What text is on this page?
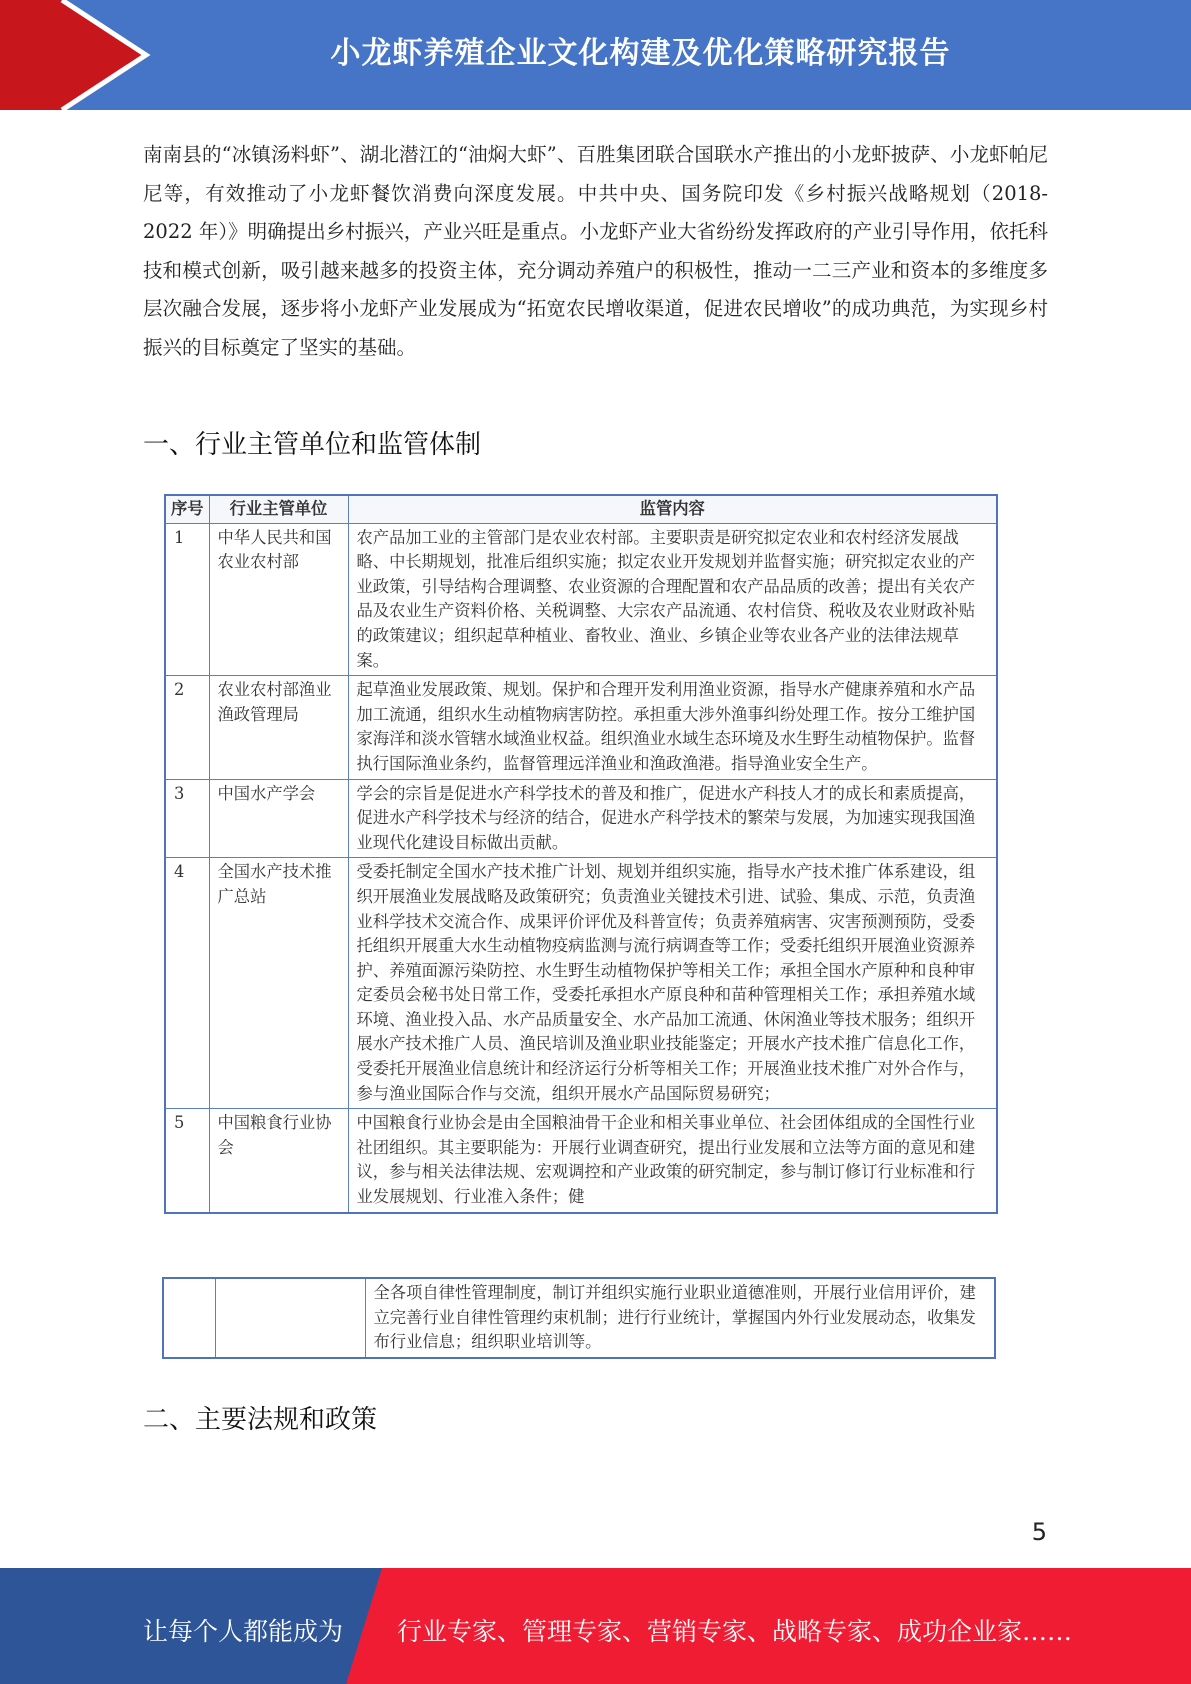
小龙虾养殖企业文化构建及优化策略研究报告
南南县的“冰镇汤料虾”、湖北潜江的“油焖大虾”、百胜集团联合国联水产推出的小龙虾披萨、小龙虾帕尼尼等，有效推动了小龙虾餐饮消费向深度发展。中共中央、国务院印发《乡村振兴战略规划（2018-2022 年）》明确提出乡村振兴，产业兴旺是重点。小龙虾产业大省纷纷发挥政府的产业引导作用，依托科技和模式创新，吸引越来越多的投资主体，充分调动养殖户的积极性，推动一二三产业和资本的多维度多层次融合发展，逐步将小龙虾产业发展成为“拓宽农民增收渠道，促进农民增收”的成功典范，为实现乡村振兴的目标奠定了坚实的基础。
一、行业主管单位和监管体制
序号	行业主管单位	监管内容
1	中华人民共和国农业农村部	农产品加工业的主管部门是农业农村部。主要职责是研究拟定农业和农村经济发展战略、中长期规划，批准后组织实施；拟定农业开发规划并监督实施；研究拟定农业的产业政策，引导结构合理调整、农业资源的合理配置和农产品品质的改善；提出有关农产品及农业生产资料价格、关税调整、大宗农产品流通、农村信贷、税收及农业财政补贴的政策建议；组织起草种植业、畜牧业、渔业、乡镇企业等农业各产业的法律法规草案。
2	农业农村部渔业渔政管理局	起草渔业发展政策、规划。保护和合理开发利用渔业资源，指导水产健康养殖和水产品加工流通，组织水生动植物病害防控。承担重大涉外渔事纠纷处理工作。按分工维护国家海洋和淡水管辖水域渔业权益。组织渔业水域生态环境及水生野生动植物保护。监督执行国际渔业条约，监督管理远洋渔业和渔政渔港。指导渔业安全生产。
3	中国水产学会	学会的宗旨是促进水产科学技术的普及和推广，促进水产科技人才的成长和素质提高，促进水产科学技术与经济的结合，促进水产科学技术的繁荣与发展，为加速实现我国渔业现代化建设目标做出贡献。
4	全国水产技术推广总站	受委托制定全国水产技术推广计划、规划并组织实施，指导水产技术推广体系建设，组织开展渔业发展战略及政策研究；负责渔业关键技术引进、试验、集成、示范，负责渔业科学技术交流合作、成果评价评优及科普宣传；负责养殖病害、灾害预测预防，受委托组织开展重大水生动植物疫病监测与流行病调查等工作；受委托组织开展渔业资源养护、养殖面源污染防控、水生野生动植物保护等相关工作；承担全国水产原种和良种审定委员会秘书处日常工作，受委托承担水产原良种和苗种管理相关工作；承担养殖水域环境、渔业投入品、水产品质量安全、水产品加工流通、休闲渔业等技术服务；组织开展水产技术推广人员、渔民培训及渔业职业技能鉴定；开展水产技术推广信息化工作，受委托开展渔业信息统计和经济运行分析等相关工作；开展渔业技术推广对外合作与，参与渔业国际合作与交流，组织开展水产品国际贸易研究；
5	中国粮食行业协会	中国粮食行业协会是由全国粮油骨干企业和相关事业单位、社会团体组成的全国性行业社团组织。其主要职能为：开展行业调查研究，提出行业发展和立法等方面的意见和建议，参与相关法律法规、宏观调控和产业政策的研究制定，参与制订修订行业标准和行业发展规划、行业准入条件；健
		全各项自律性管理制度，制订并组织实施行业职业道德准则，开展行业信用评价，建立完善行业自律性管理约束机制；进行行业统计，掌握国内外行业发展动态，收集发布行业信息；组织职业培训等。
二、主要法规和政策
5
让每个人都能成为 行业专家、管理专家、营销专家、战略专家、成功企业家……
